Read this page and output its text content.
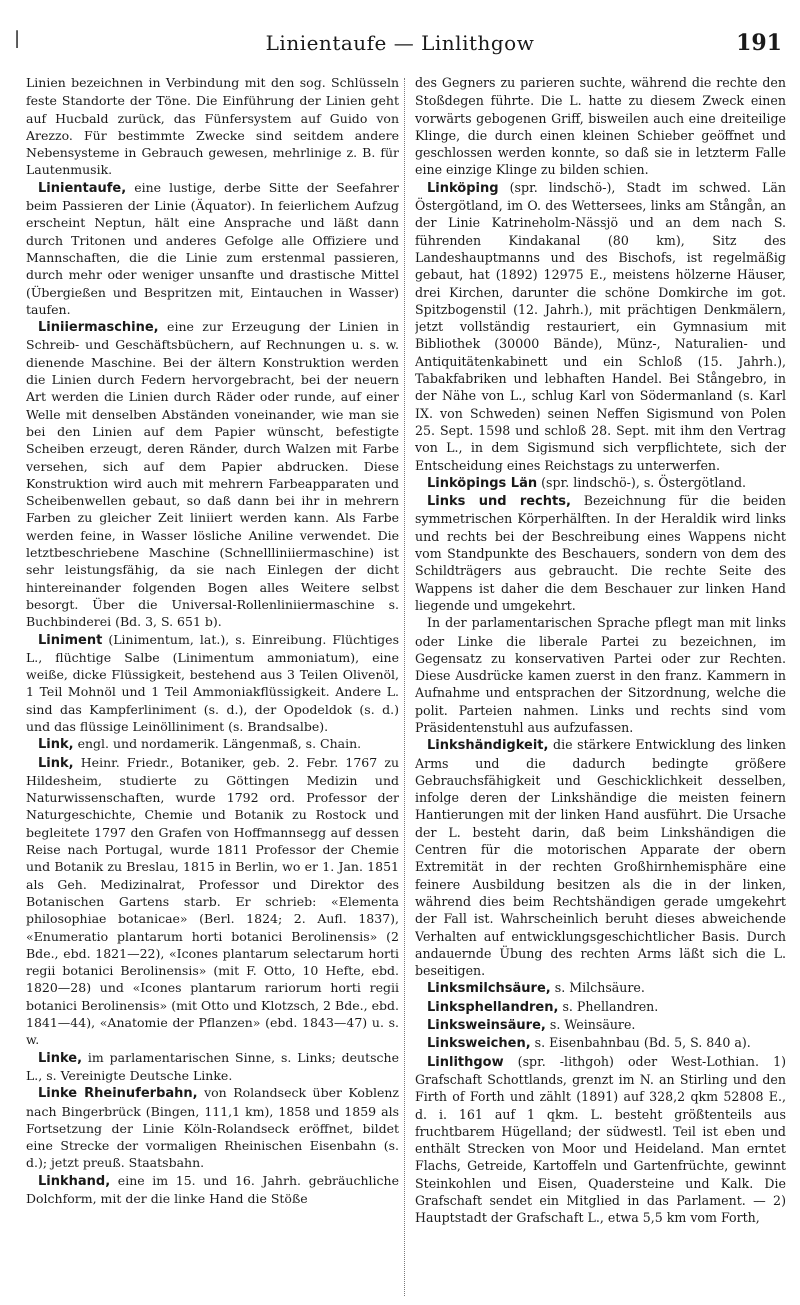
|	Linientaufe — Linlithgow	191

Linien bezeichnen in Verbindung mit den sog. Schlüsseln feste Standorte der Töne. Die Einführung der Linien geht auf Hucbald zurück, das Fünfersystem auf Guido von Arezzo. Für bestimmte Zwecke sind seitdem andere Nebensysteme in Gebrauch gewesen, mehrlinige z. B. für Lautenmusik.

Linientaufe, eine lustige, derbe Sitte der Seefahrer beim Passieren der Linie (Äquator). In feierlichem Aufzug erscheint Neptun, hält eine Ansprache und läßt dann durch Tritonen und anderes Gefolge alle Offiziere und Mannschaften, die die Linie zum erstenmal passieren, durch mehr oder weniger unsanfte und drastische Mittel (Übergießen und Bespritzen mit, Eintauchen in Wasser) taufen.

Liniiermaschine, eine zur Erzeugung der Linien in Schreib- und Geschäftsbüchern, auf Rechnungen u. s. w. dienende Maschine. Bei der ältern Konstruktion werden die Linien durch Federn hervorgebracht, bei der neuern Art werden die Linien durch Räder oder runde, auf einer Welle mit denselben Abständen voneinander, wie man sie bei den Linien auf dem Papier wünscht, befestigte Scheiben erzeugt, deren Ränder, durch Walzen mit Farbe versehen, sich auf dem Papier abdrucken. Diese Konstruktion wird auch mit mehrern Farbeapparaten und Scheibenwellen gebaut, so daß dann bei ihr in mehrern Farben zu gleicher Zeit liniiert werden kann. Als Farbe werden feine, in Wasser lösliche Aniline verwendet. Die letztbeschriebene Maschine (Schnellliniiermaschine) ist sehr leistungsfähig, da sie nach Einlegen der dicht hintereinander folgenden Bogen alles Weitere selbst besorgt. Über die Universal-Rollenliniiermaschine s. Buchbinderei (Bd. 3, S. 651 b).

Liniment (Linimentum, lat.), s. Einreibung. Flüchtiges L., flüchtige Salbe (Linimentum ammoniatum), eine weiße, dicke Flüssigkeit, bestehend aus 3 Teilen Olivenöl, 1 Teil Mohnöl und 1 Teil Ammoniakflüssigkeit. Andere L. sind das Kampferliniment (s. d.), der Opodeldok (s. d.) und das flüssige Leinölliniment (s. Brandsalbe).

Link, engl. und nordamerik. Längenmaß, s. Chain.

Link, Heinr. Friedr., Botaniker, geb. 2. Febr. 1767 zu Hildesheim, studierte zu Göttingen Medizin und Naturwissenschaften, wurde 1792 ord. Professor der Naturgeschichte, Chemie und Botanik zu Rostock und begleitete 1797 den Grafen von Hoffmannsegg auf dessen Reise nach Portugal, wurde 1811 Professor der Chemie und Botanik zu Breslau, 1815 in Berlin, wo er 1. Jan. 1851 als Geh. Medizinalrat, Professor und Direktor des Botanischen Gartens starb. Er schrieb: «Elementa philosophiae botanicae» (Berl. 1824; 2. Aufl. 1837), «Enumeratio plantarum horti botanici Berolinensis» (2 Bde., ebd. 1821—22), «Icones plantarum selectarum horti regii botanici Berolinensis» (mit F. Otto, 10 Hefte, ebd. 1820—28) und «Icones plantarum rariorum horti regii botanici Berolinensis» (mit Otto und Klotzsch, 2 Bde., ebd. 1841—44), «Anatomie der Pflanzen» (ebd. 1843—47) u. s. w.

Linke, im parlamentarischen Sinne, s. Links; deutsche L., s. Vereinigte Deutsche Linke.

Linke Rheinuferbahn, von Rolandseck über Koblenz nach Bingerbrück (Bingen, 111,1 km), 1858 und 1859 als Fortsetzung der Linie Köln-Rolandseck eröffnet, bildet eine Strecke der vormaligen Rheinischen Eisenbahn (s. d.); jetzt preuß. Staatsbahn.

Linkhand, eine im 15. und 16. Jahrh. gebräuchliche Dolchform, mit der die linke Hand die Stöße

des Gegners zu parieren suchte, während die rechte den Stoßdegen führte. Die L. hatte zu diesem Zweck einen vorwärts gebogenen Griff, bisweilen auch eine dreiteilige Klinge, die durch einen kleinen Schieber geöffnet und geschlossen werden konnte, so daß sie in letzterm Falle eine einzige Klinge zu bilden schien.

Linköping (spr. lindschö-), Stadt im schwed. Län Östergötland, im O. des Wettersees, links am Stångån, an der Linie Katrineholm-Nässjö und an dem nach S. führenden Kindakanal (80 km), Sitz des Landeshauptmanns und des Bischofs, ist regelmäßig gebaut, hat (1892) 12975 E., meistens hölzerne Häuser, drei Kirchen, darunter die schöne Domkirche im got. Spitzbogenstil (12. Jahrh.), mit prächtigen Denkmälern, jetzt vollständig restauriert, ein Gymnasium mit Bibliothek (30000 Bände), Münz-, Naturalien- und Antiquitätenkabinett und ein Schloß (15. Jahrh.), Tabakfabriken und lebhaften Handel. Bei Stångebro, in der Nähe von L., schlug Karl von Södermanland (s. Karl IX. von Schweden) seinen Neffen Sigismund von Polen 25. Sept. 1598 und schloß 28. Sept. mit ihm den Vertrag von L., in dem Sigismund sich verpflichtete, sich der Entscheidung eines Reichstags zu unterwerfen.

Linköpings Län (spr. lindschö-), s. Östergötland.

Links und rechts, Bezeichnung für die beiden symmetrischen Körperhälften. In der Heraldik wird links und rechts bei der Beschreibung eines Wappens nicht vom Standpunkte des Beschauers, sondern von dem des Schildträgers aus gebraucht. Die rechte Seite des Wappens ist daher die dem Beschauer zur linken Hand liegende und umgekehrt.

In der parlamentarischen Sprache pflegt man mit links oder Linke die liberale Partei zu bezeichnen, im Gegensatz zu konservativen Partei oder zur Rechten. Diese Ausdrücke kamen zuerst in den franz. Kammern in Aufnahme und entsprachen der Sitzordnung, welche die polit. Parteien nahmen. Links und rechts sind vom Präsidentenstuhl aus aufzufassen.

Linkshändigkeit, die stärkere Entwicklung des linken Arms und die dadurch bedingte größere Gebrauchsfähigkeit und Geschicklichkeit desselben, infolge deren der Linkshändige die meisten feinern Hantierungen mit der linken Hand ausführt. Die Ursache der L. besteht darin, daß beim Linkshändigen die Centren für die motorischen Apparate der obern Extremität in der rechten Großhirnhemisphäre eine feinere Ausbildung besitzen als die in der linken, während dies beim Rechtshändigen gerade umgekehrt der Fall ist. Wahrscheinlich beruht dieses abweichende Verhalten auf entwicklungsgeschichtlicher Basis. Durch andauernde Übung des rechten Arms läßt sich die L. beseitigen.

Linksmilchsäure, s. Milchsäure.

Linksphellandren, s. Phellandren.

Linksweinsäure, s. Weinsäure.

Linksweichen, s. Eisenbahnbau (Bd. 5, S. 840 a).

Linlithgow (spr. -lithgoh) oder West-Lothian. 1) Grafschaft Schottlands, grenzt im N. an Stirling und den Firth of Forth und zählt (1891) auf 328,2 qkm 52808 E., d. i. 161 auf 1 qkm. L. besteht größtenteils aus fruchtbarem Hügelland; der südwestl. Teil ist eben und enthält Strecken von Moor und Heideland. Man erntet Flachs, Getreide, Kartoffeln und Gartenfrüchte, gewinnt Steinkohlen und Eisen, Quadersteine und Kalk. Die Grafschaft sendet ein Mitglied in das Parlament. — 2) Hauptstadt der Grafschaft L., etwa 5,5 km vom Forth,
